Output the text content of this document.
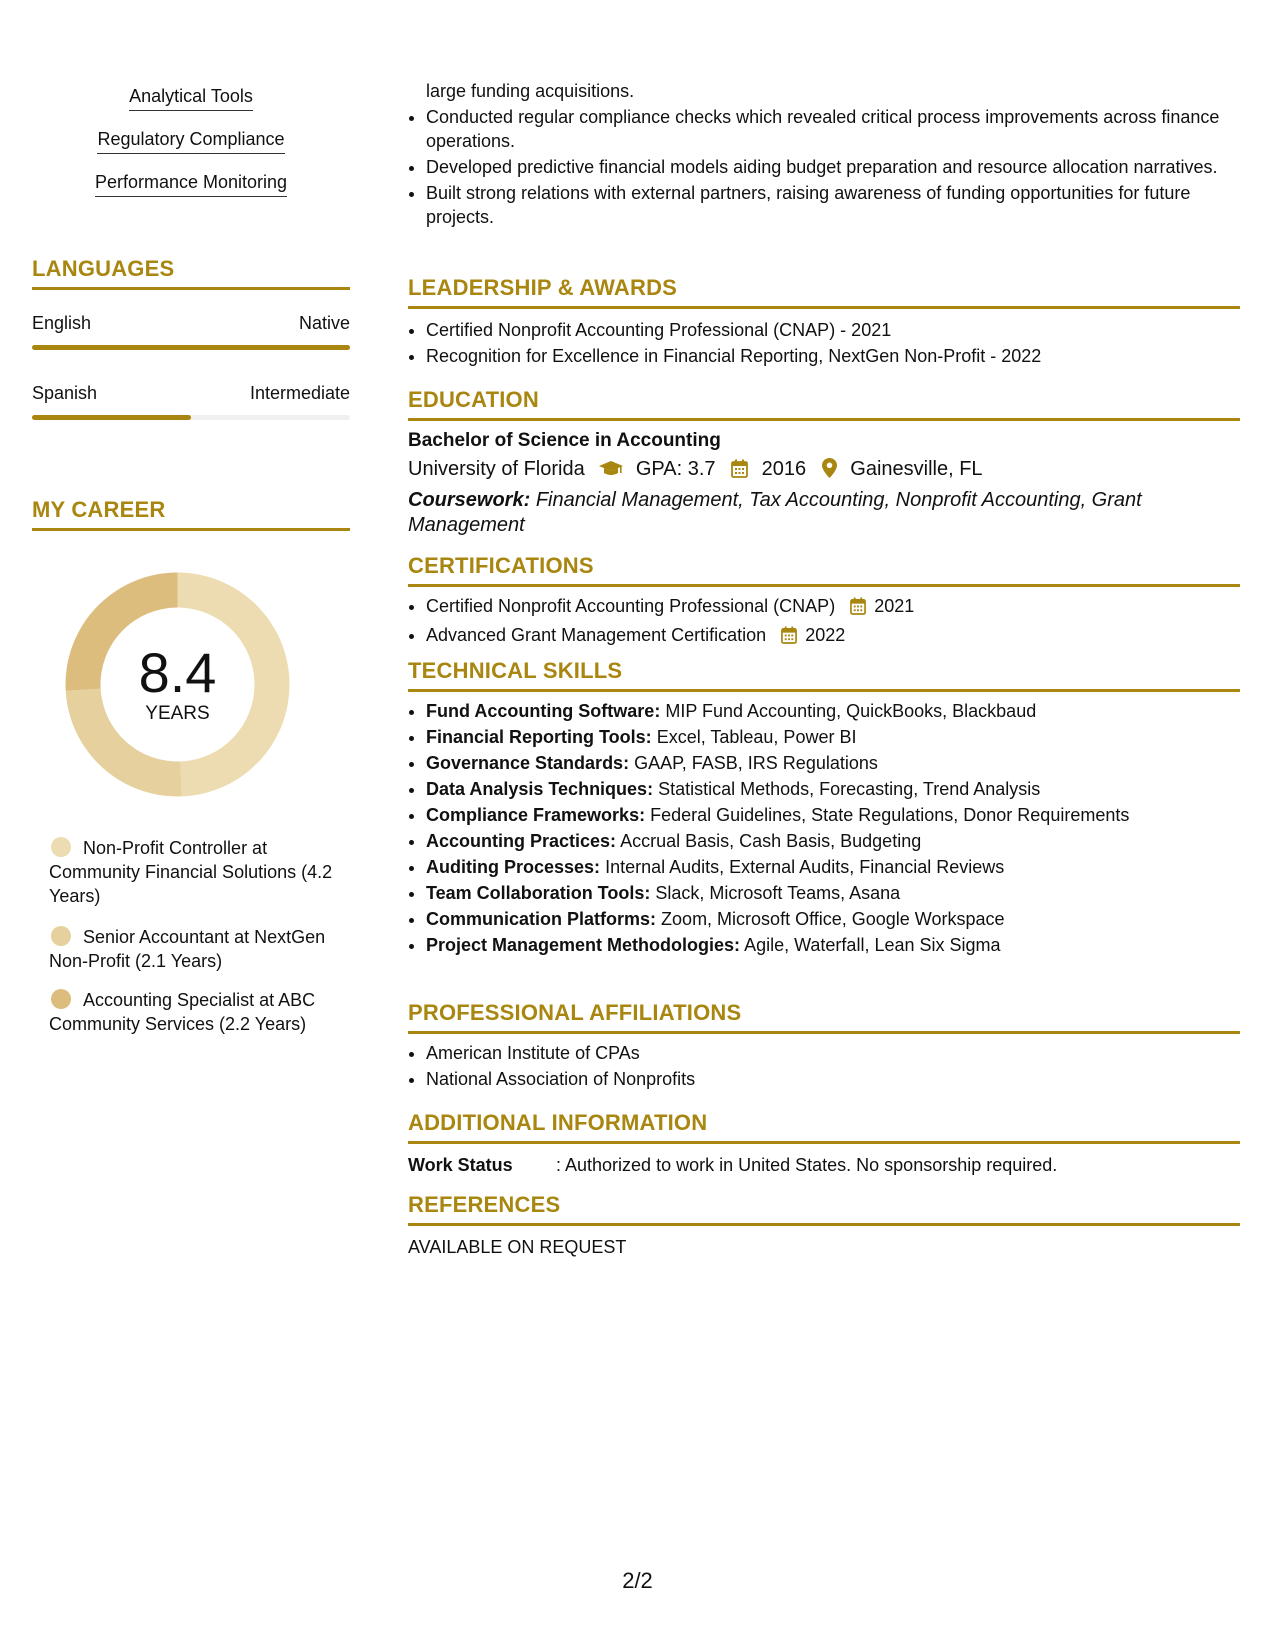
Analytical Tools
Regulatory Compliance
Performance Monitoring
LANGUAGES
English	Native
Spanish	Intermediate
MY CAREER
8.4
YEARS
Non-Profit Controller at Community Financial Solutions (4.2 Years)
Senior Accountant at NextGen Non-Profit (2.1 Years)
Accounting Specialist at ABC Community Services (2.2 Years)
large funding acquisitions.
• Conducted regular compliance checks which revealed critical process improvements across finance operations.
• Developed predictive financial models aiding budget preparation and resource allocation narratives.
• Built strong relations with external partners, raising awareness of funding opportunities for future projects.
LEADERSHIP & AWARDS
• Certified Nonprofit Accounting Professional (CNAP) - 2021
• Recognition for Excellence in Financial Reporting, NextGen Non-Profit - 2022
EDUCATION
Bachelor of Science in Accounting
University of Florida	GPA: 3.7 2016 Gainesville, FL
Coursework: Financial Management, Tax Accounting, Nonprofit Accounting, Grant Management
CERTIFICATIONS
• Certified Nonprofit Accounting Professional (CNAP) 2021
• Advanced Grant Management Certification 2022
TECHNICAL SKILLS
• Fund Accounting Software: MIP Fund Accounting, QuickBooks, Blackbaud
• Financial Reporting Tools: Excel, Tableau, Power BI
• Governance Standards: GAAP, FASB, IRS Regulations
• Data Analysis Techniques: Statistical Methods, Forecasting, Trend Analysis
• Compliance Frameworks: Federal Guidelines, State Regulations, Donor Requirements
• Accounting Practices: Accrual Basis, Cash Basis, Budgeting
• Auditing Processes: Internal Audits, External Audits, Financial Reviews
• Team Collaboration Tools: Slack, Microsoft Teams, Asana
• Communication Platforms: Zoom, Microsoft Office, Google Workspace
• Project Management Methodologies: Agile, Waterfall, Lean Six Sigma
PROFESSIONAL AFFILIATIONS
• American Institute of CPAs
• National Association of Nonprofits
ADDITIONAL INFORMATION
Work Status : Authorized to work in United States. No sponsorship required.
REFERENCES
AVAILABLE ON REQUEST
2/2
